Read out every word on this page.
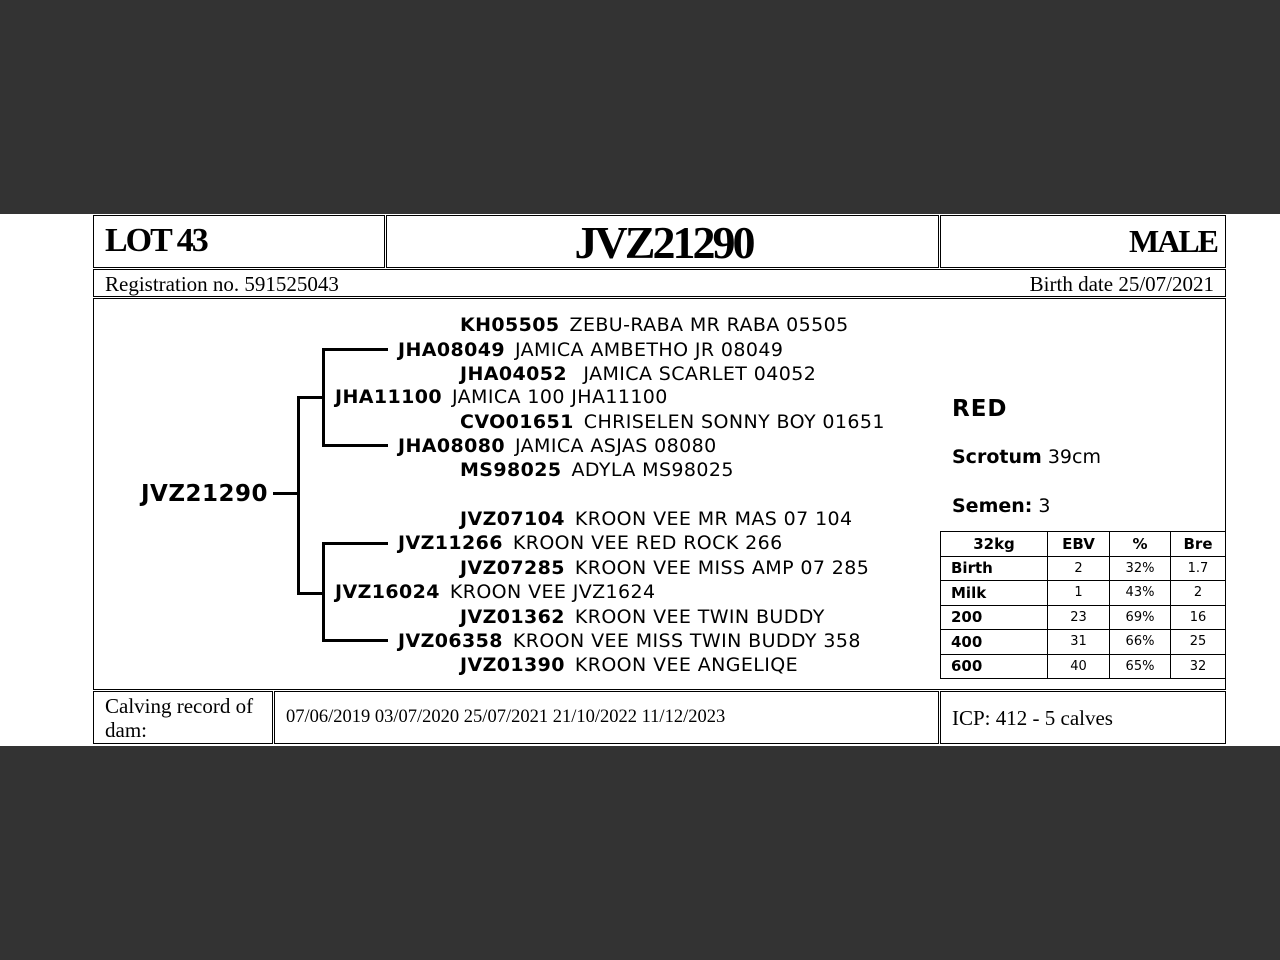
LOT 43	JVZ21290	MALE
Registration no. 591525043	Birth date 25/07/2021
JVZ21290
KH05505 ZEBU-RABA MR RABA 05505
JHA08049 JAMICA AMBETHO JR 08049
JHA04052 JAMICA SCARLET 04052
JHA11100 JAMICA 100 JHA11100
CVO01651 CHRISELEN SONNY BOY 01651
JHA08080 JAMICA ASJAS 08080
MS98025 ADYLA MS98025
JVZ07104 KROON VEE MR MAS 07 104
JVZ11266 KROON VEE RED ROCK 266
JVZ07285 KROON VEE MISS AMP 07 285
JVZ16024 KROON VEE JVZ1624
JVZ01362 KROON VEE TWIN BUDDY
JVZ06358 KROON VEE MISS TWIN BUDDY 358
JVZ01390 KROON VEE ANGELIQE
RED
Scrotum 39cm
Semen: 3
32kg	EBV	%	Bre
Birth	2	32%	1.7
Milk	1	43%	2
200	23	69%	16
400	31	66%	25
600	40	65%	32
Calving record of dam:
07/06/2019 03/07/2020 25/07/2021 21/10/2022 11/12/2023	ICP: 412 - 5 calves
